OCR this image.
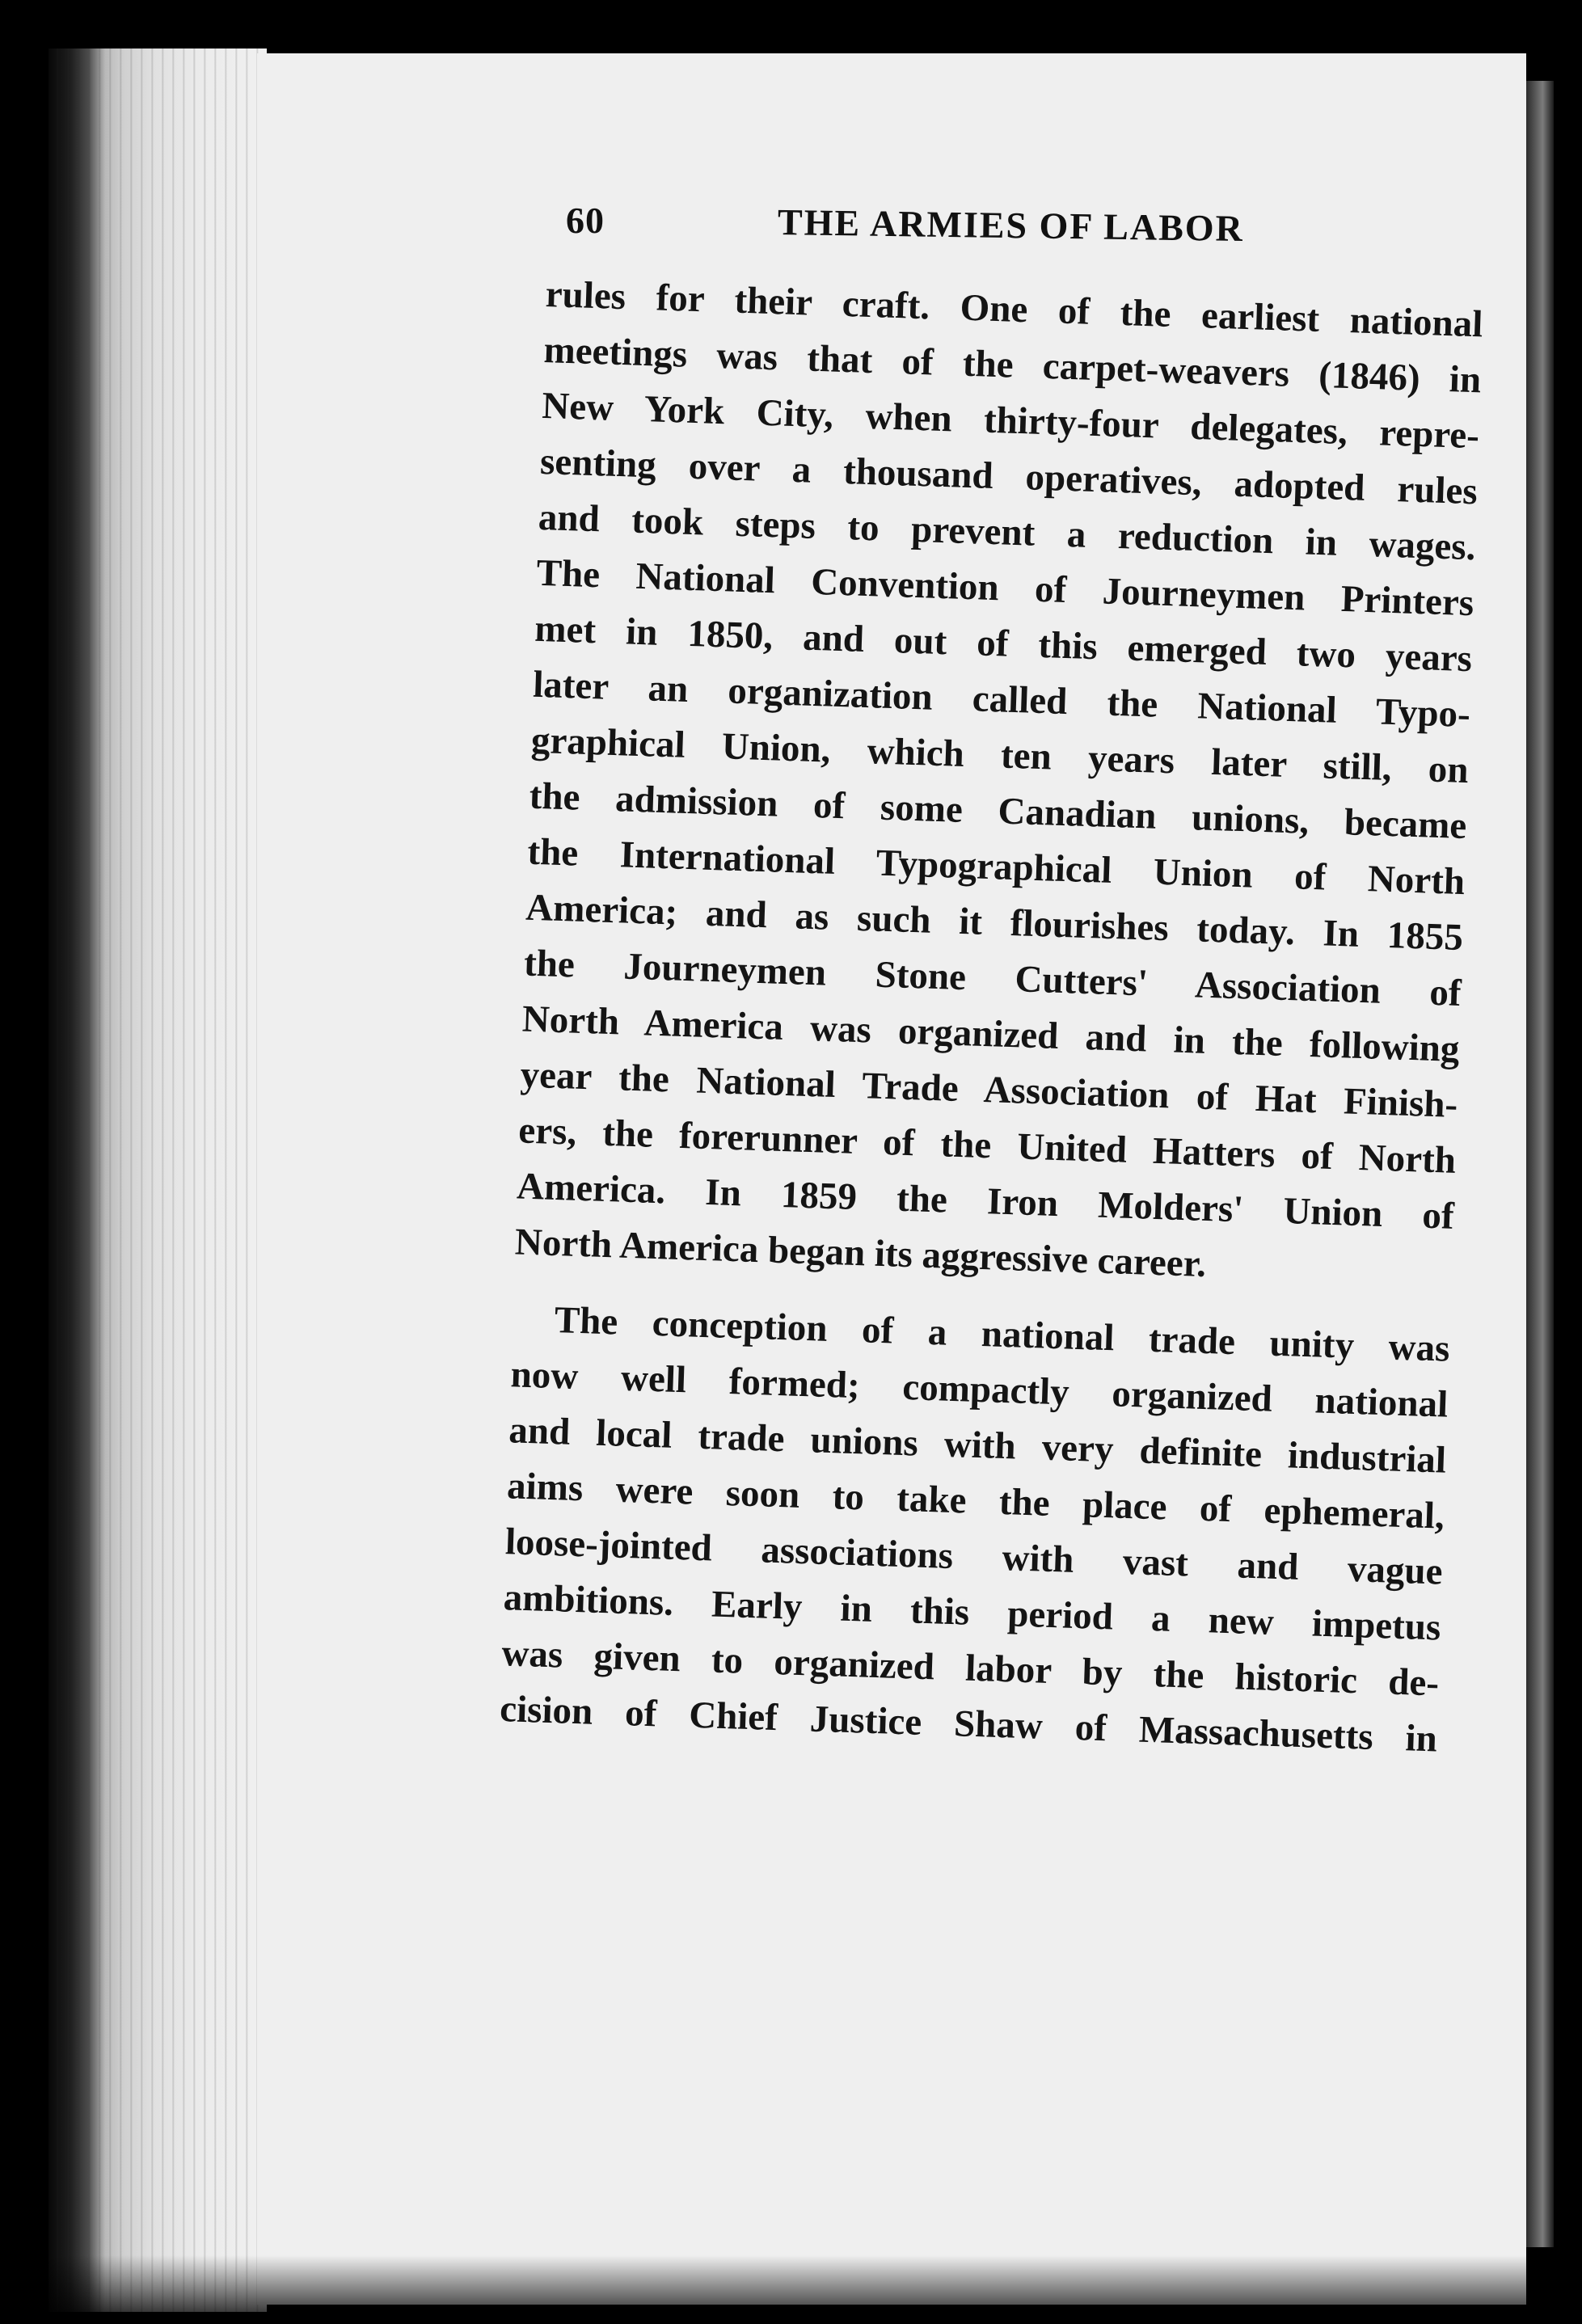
60	THE ARMIES OF LABOR
rules for their craft. One of the earliest national
meetings was that of the carpet-weavers (1846) in
New York City, when thirty-four delegates, repre-
senting over a thousand operatives, adopted rules
and took steps to prevent a reduction in wages.
The National Convention of Journeymen Printers
met in 1850, and out of this emerged two years
later an organization called the National Typo-
graphical Union, which ten years later still, on
the admission of some Canadian unions, became
the International Typographical Union of North
America; and as such it flourishes today. In 1855
the Journeymen Stone Cutters' Association of
North America was organized and in the following
year the National Trade Association of Hat Finish-
ers, the forerunner of the United Hatters of North
America. In 1859 the Iron Molders' Union of
North America began its aggressive career.
The conception of a national trade unity was
now well formed; compactly organized national
and local trade unions with very definite industrial
aims were soon to take the place of ephemeral,
loose-jointed associations with vast and vague
ambitions. Early in this period a new impetus
was given to organized labor by the historic de-
cision of Chief Justice Shaw of Massachusetts in
